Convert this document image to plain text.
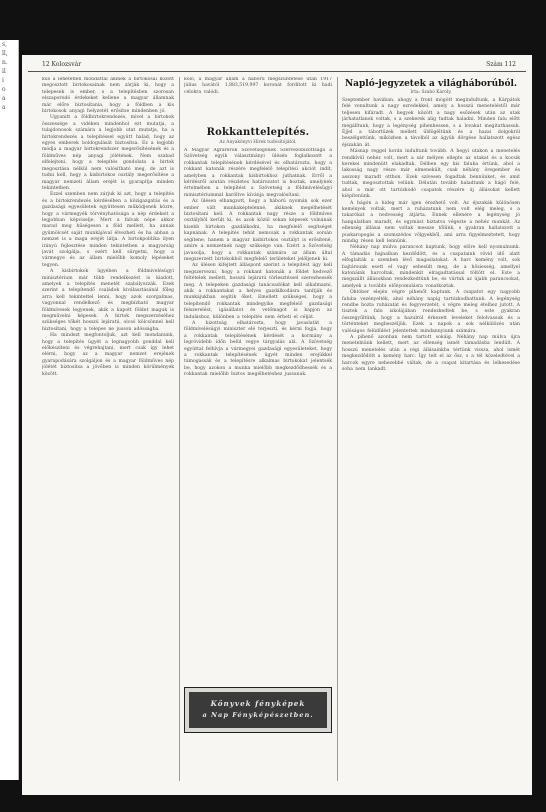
s,
ll,
n.
il
i
o
a
a
12 Kolozsvár	Szám 112

kus a lehetetlen mondattal akinek a birtokosai között megosztott birtokosainak nem zárják ki, hogy a telepesek is ember, s a telepítésben szorosan elszaporodó érdekeket kellene a magyar államnak már előre biztosítania, hogy a földben a kis birtokosok anyagi helyzetét erősítse mindenben jó.

Ugyanitt a földbirtokrendezés, mivel a birtokok összessége a vidéken mindenhol ezt mutatja, a tulajdonosok számára a legjobb utat mutatja, ha a birtokrendezés a telepítéssel együtt halad, hogy az egyes emberek boldogulását biztosítsa. Ez a legjobb módja a magyar birtokrendszer megerősítésének és a földműves nép anyagi jólétének. Nem szabad elfelejteni, hogy a telepítés gondolata a birtok megosztása nélkül nem valósítható meg, de azt is tudni kell, hogy a kisbirtokos osztály megerősítése a magyar nemzeti állam erejét is gyarapítja minden tekintetben.

Ezzel szemben nem zárjuk ki azt, hogy a telepítés és a birtokrendezés kérdésében a közigazgatás és a gazdasági egyesületek együttesen működjenek közre, hogy a vármegyék törvényhatósága a nép érdekeit a legjobban képviselje. Mert a falvak népe akkor marad meg hűségesen a föld mellett, ha annak gyümölcsét saját munkájával élvezheti és ha abban a nemzet is a maga erejét látja. A birtokpolitika ilyen irányú fejlesztése minden tekintetben a magyarság javát szolgálja, s ezért kell sürgetni, hogy a vármegye és az állam mielőbb komoly lépéseket tegyen.

A kisbirtokok ügyében a földmívelésügyi minisztérium már több rendelkezést is kiadott, amelyek a telepítés menetét szabályozzák. Ezek szerint a telepítendő családok kiválasztásánál főleg arra kell tekintettel lenni, hogy azok szorgalmas, vagyonnal rendelkező és megbízható magyar földmívesek legyenek, akik a kapott földet maguk is megművelni képesek. A birtok megszerzéséhez szükséges tőkét hosszú lejáratú, olcsó kölcsönnel kell biztosítani, hogy a telepes ne jusson adósságba.

Ha mindezt megfontoljuk, azt kell mondanunk, hogy a telepítés ügyét a legnagyobb gonddal kell előkészíteni és végrehajtani, mert csak így lehet elérni, hogy az a magyar nemzet erejének gyarapodására szolgáljon és a magyar földműves nép jólétét biztosítsa a jövőben is minden körülmények között.

koló, a magyar állam a háború megszüntetése után 1917 július havától 1,883,519,997 koronát fordított ki hadi célokra valódi.

Rokkanttelepítés.

Az Anyakönyvi Hírek tudósítójától.

A Magyar Agrárerők Szövetségének Szervezőbizottsága a Szövetség egyik választmányi ülésén foglalkozott a rokkantak telepítésének kérdésével és elhatározta, hogy a rokkant katonák részére megfelelő telepítési akciót indít, amelyben a rokkantak kisbirtokhoz juthatnak. Erről a kérdésről azután részletes határozatot is hoztak, amelynek értelmében a telepítést a Szövetség a földmívelésügyi minisztériummal karöltve kívánja megvalósítani.

Az ülésen elhangzott, hogy a háború nyomán sok ezer ember vált munkaképtelenné, akiknek megélhetését biztosítani kell. A rokkantak nagy része a földmíves osztályból került ki, és azok közül sokan képesek volnának kisebb birtokon gazdálkodni, ha megfelelő segítséget kapnának. A telepítés tehát nemcsak a rokkantak sorsán segítene, hanem a magyar kisbirtokos osztályt is erősítené, amire a nemzetnek nagy szüksége van. Ezért a Szövetség javasolja, hogy a rokkantak számára az állam által megszerzett birtokokból megfelelő területeket jelöljenek ki.

Az ülésen kifejtett álláspont szerint a telepítést úgy kell megszervezni, hogy a rokkant katonák a földet kedvező feltételek mellett, hosszú lejáratú törlesztéssel szerezhessék meg. A telepeken gazdasági tanácsadókat kell alkalmazni, akik a rokkantakat a helyes gazdálkodásra tanítják és munkájukban segítik őket. Emellett szükséges, hogy a telepítendő rokkantak mindegyike megfelelő gazdasági felszerelést, igásállatot és vetőmagot is kapjon az induláshoz, különben a telepítés nem érheti el célját.

A bizottság elhatározta, hogy javaslatát a földmívelésügyi miniszter elé terjeszti, és kérni fogja, hogy a rokkantak telepítésének kérdését a kormány a legrövidebb időn belül vegye tárgyalás alá. A Szövetség egyúttal felhívja a vármegyei gazdasági egyesületeket, hogy a rokkantak telepítésének ügyét minden erejükkel támogassák és a telepítésre alkalmas birtokokat jelentsék be, hogy azokon a munka mielőbb megkezdődhessék és a rokkantak mielőbb biztos megélhetéshez jussanak.

Könyvek fényképek
a Nap Fényképészetben.
Napló-jegyzetek a világháborúból.

Irta: Szabó Károly.

Szeptember havában, ahogy a front mögött megindultunk, a Kárpátok felé vonultunk a nagy ezredekkel, amely a hosszú meneteléstől már teljesen kifáradt. A hegyek között a nagy esőzések után az utak járhatatlanok voltak, s a szekerek alig tudtak haladni. Minden falu előtt megálltunk, hogy a legénység pihenhessen, s a lovakat megitathassuk. Éjjel a tábortüzek mellett üldögéltünk és a hazai dolgokról beszélgettünk, miközben a távolból az ágyúk dörgése hallatszott egész éjszakán át.

Másnap reggel korán indultunk tovább. A hegyi utakon a menetelés rendkívül nehéz volt, mert a sár mélyen ellepte az utakat és a kocsik kerekei mindenütt elakadtak. Délben egy kis faluba értünk, ahol a lakosság nagy része már elmenekült, csak néhány öregember és asszony maradt otthon. Ezek szívesen fogadtak bennünket, és amit tudtak, megosztottak velünk. Délután tovább haladtunk a hágó felé, ahol a már ott tartózkodó csapatok részére új állásokat kellett kiépítenünk.

A hágón a hideg már igen érezhető volt. Az éjszakák különösen kemények voltak, mert a ruházatunk nem volt elég meleg, s a takarókat a nedvesség átjárta. Ennek ellenére a legénység jó hangulatban maradt, és egymást biztatva végezte a nehéz munkát. Az ellenség állásai nem voltak messze tőlünk, s gyakran hallatszott a puskaropogás a szomszédos völgyekből, ami arra figyelmeztetett, hogy mindig résen kell lennünk.

Néhány nap múlva parancsot kaptunk, hogy előre kell nyomulnunk. A támadás hajnalban kezdődött, és a csapataink rövid idő alatt elfoglalták a szemben lévő magaslatokat. A harc kemény volt, sok bajtársunk esett el vagy sebesült meg, de a hősiesség, amellyel katonáink harcoltak, mindenkit elragadtatással töltött el. Este a megszállt állásokban rendezkedtünk be, és vártuk az újabb parancsokat, amelyek a további előnyomulásra vonatkoztak.

Október elején végre pihenőt kaptunk. A csapatot egy nagyobb faluba vezényelték, ahol néhány napig tartózkodhattunk. A legénység rendbe hozta ruházatát és fegyverzetét, s végre meleg ételhez jutott. A tisztek a falu iskolájában rendezkedtek be, s este gyakran összegyűltünk, hogy a hazulról érkezett leveleket felolvassuk és a történteket megbeszéljük. Ezek a napok a sok nélkülözés után valóságos felüdülést jelentettek mindannyiunk számára.

A pihenő azonban nem tartott sokáig. Néhány nap múlva újra menetelnünk kellett, mert az ellenség ismét támadásba lendült. A hosszú menetelés után a régi állásainkba tértünk vissza, ahol ismét megkezdődött a kemény harc. Így telt el az ősz, s a tél közeledtével a harcok egyre nehezebbé váltak, de a csapat kitartása és lelkesedése soha nem lankadt.
